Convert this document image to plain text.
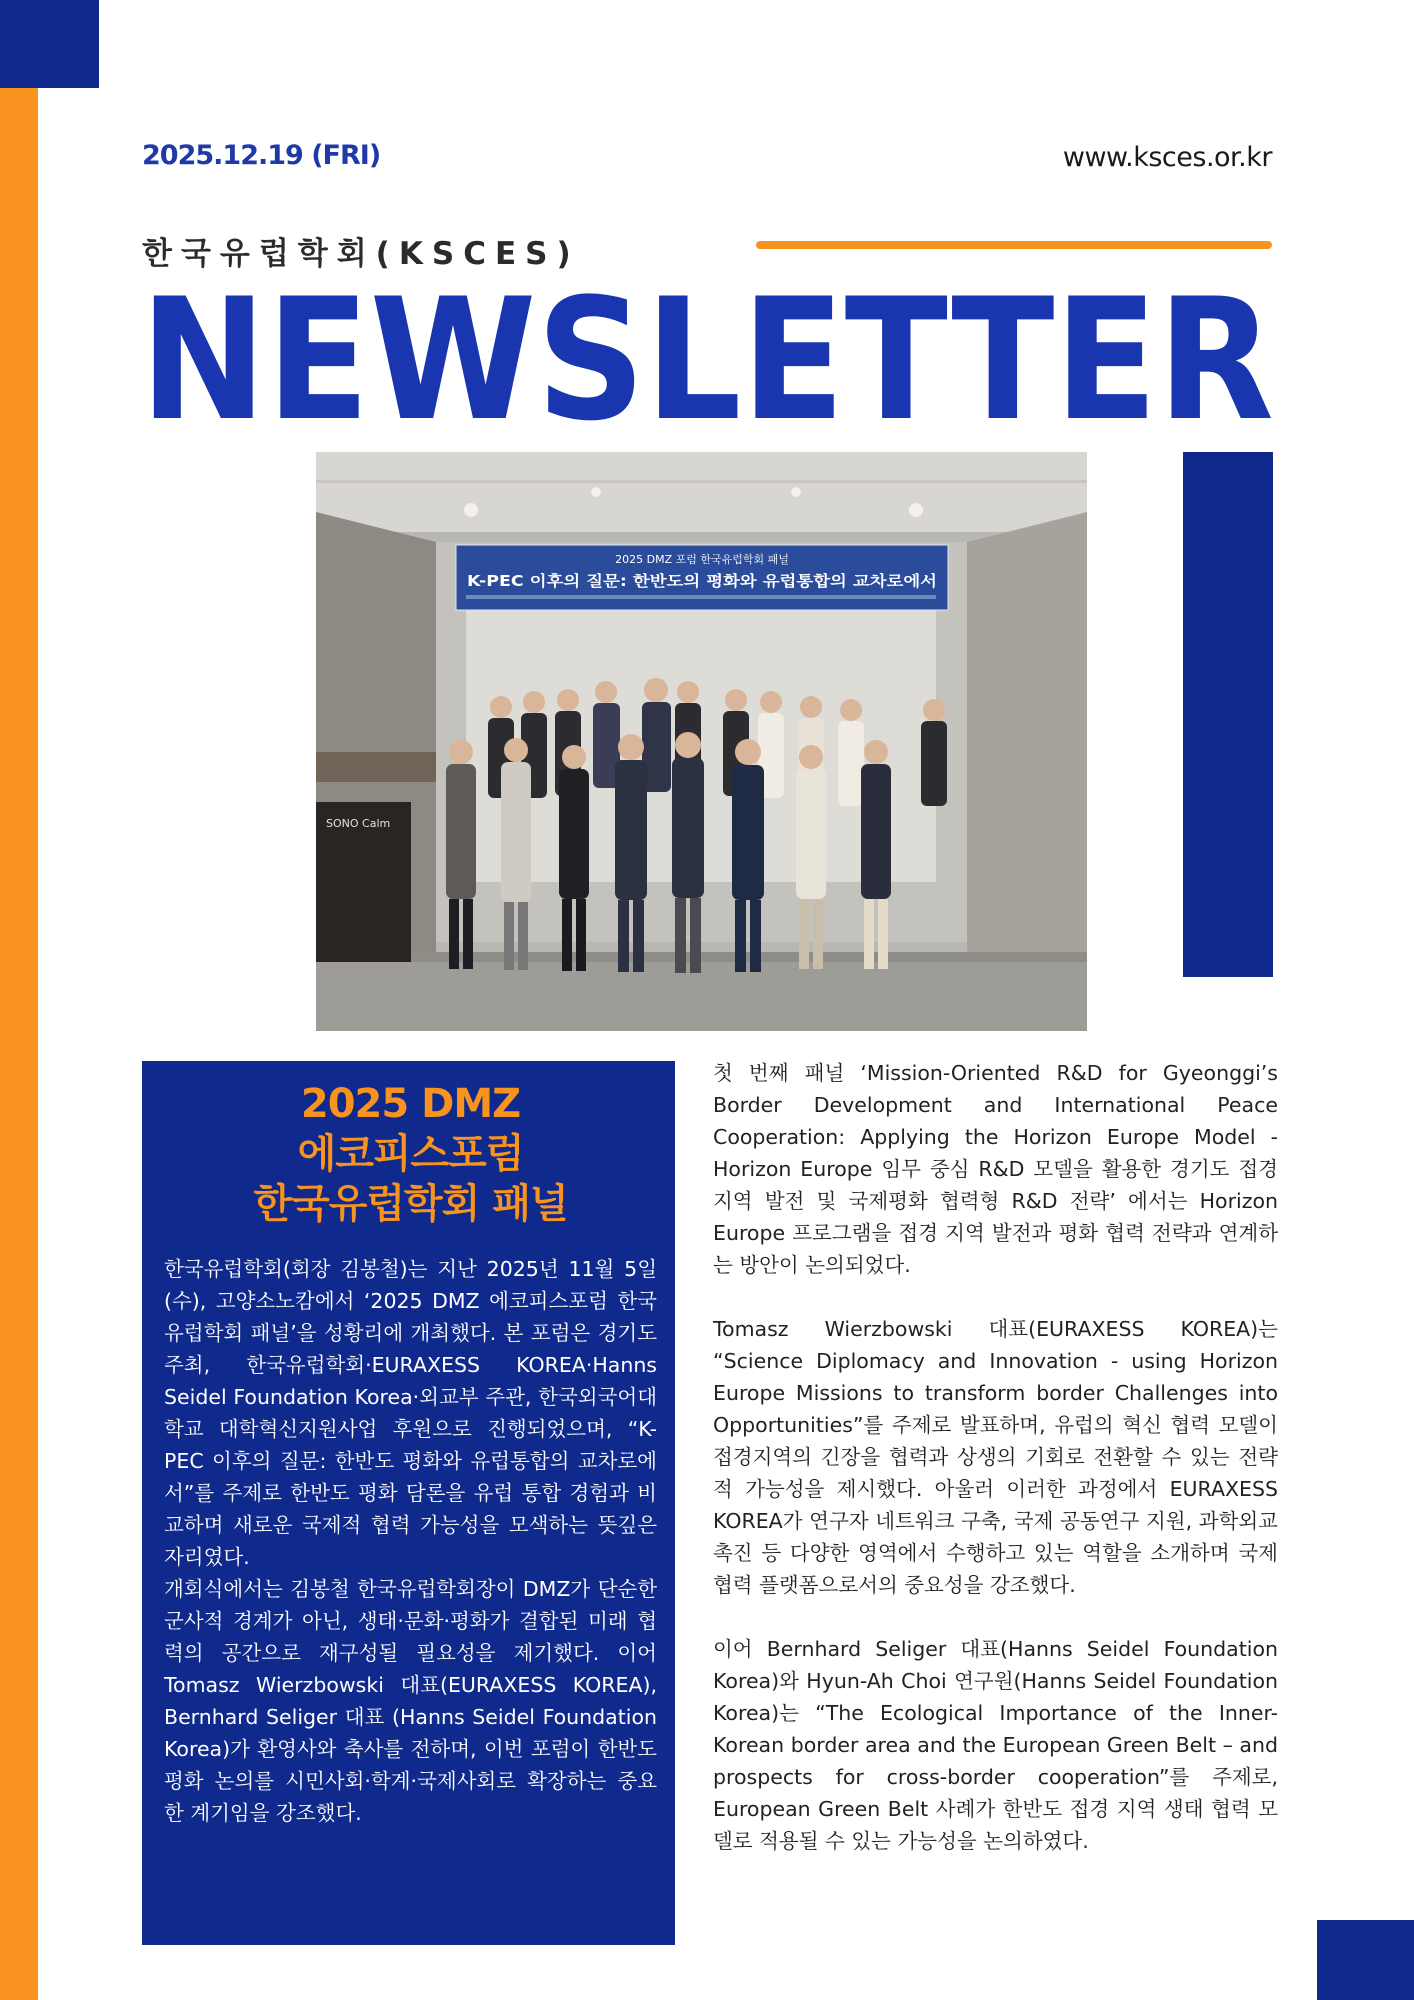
2025.12.19 (FRI)	www.ksces.or.kr
한국유럽학회(KSCES)
NEWSLETTER
2025 DMZ 포럼 한국유럽학회 패널
K-PEC 이후의 질문: 한반도의 평화와 유럽통합의 교차로에서
SONO Calm
2025 DMZ
에코피스포럼
한국유럽학회 패널

한국유럽학회(회장 김봉철)는 지난 2025년 11월 5일(수), 고양소노캄에서 ‘2025 DMZ 에코피스포럼 한국유럽학회 패널’을 성황리에 개최했다. 본 포럼은 경기도 주최, 한국유럽학회·EURAXESS KOREA·Hanns Seidel Foundation Korea·외교부 주관, 한국외국어대학교 대학혁신지원사업 후원으로 진행되었으며, “K-PEC 이후의 질문: 한반도 평화와 유럽통합의 교차로에서”를 주제로 한반도 평화 담론을 유럽 통합 경험과 비교하며 새로운 국제적 협력 가능성을 모색하는 뜻깊은 자리였다.

개회식에서는 김봉철 한국유럽학회장이 DMZ가 단순한 군사적 경계가 아닌, 생태·문화·평화가 결합된 미래 협력의 공간으로 재구성될 필요성을 제기했다. 이어 Tomasz Wierzbowski 대표(EURAXESS KOREA), Bernhard Seliger 대표 (Hanns Seidel Foundation Korea)가 환영사와 축사를 전하며, 이번 포럼이 한반도 평화 논의를 시민사회·학계·국제사회로 확장하는 중요한 계기임을 강조했다.

첫 번째 패널 ‘Mission-Oriented R&D for Gyeonggi’s Border Development and International Peace Cooperation: Applying the Horizon Europe Model - Horizon Europe 임무 중심 R&D 모델을 활용한 경기도 접경지역 발전 및 국제평화 협력형 R&D 전략’ 에서는 Horizon Europe 프로그램을 접경 지역 발전과 평화 협력 전략과 연계하는 방안이 논의되었다.

Tomasz Wierzbowski 대표(EURAXESS KOREA)는 “Science Diplomacy and Innovation - using Horizon Europe Missions to transform border Challenges into Opportunities”를 주제로 발표하며, 유럽의 혁신 협력 모델이 접경지역의 긴장을 협력과 상생의 기회로 전환할 수 있는 전략적 가능성을 제시했다. 아울러 이러한 과정에서 EURAXESS KOREA가 연구자 네트워크 구축, 국제 공동연구 지원, 과학외교 촉진 등 다양한 영역에서 수행하고 있는 역할을 소개하며 국제 협력 플랫폼으로서의 중요성을 강조했다.

이어 Bernhard Seliger 대표(Hanns Seidel Foundation Korea)와 Hyun-Ah Choi 연구원(Hanns Seidel Foundation Korea)는 “The Ecological Importance of the Inner-Korean border area and the European Green Belt – and prospects for cross-border cooperation”를 주제로, European Green Belt 사례가 한반도 접경 지역 생태 협력 모델로 적용될 수 있는 가능성을 논의하였다.
